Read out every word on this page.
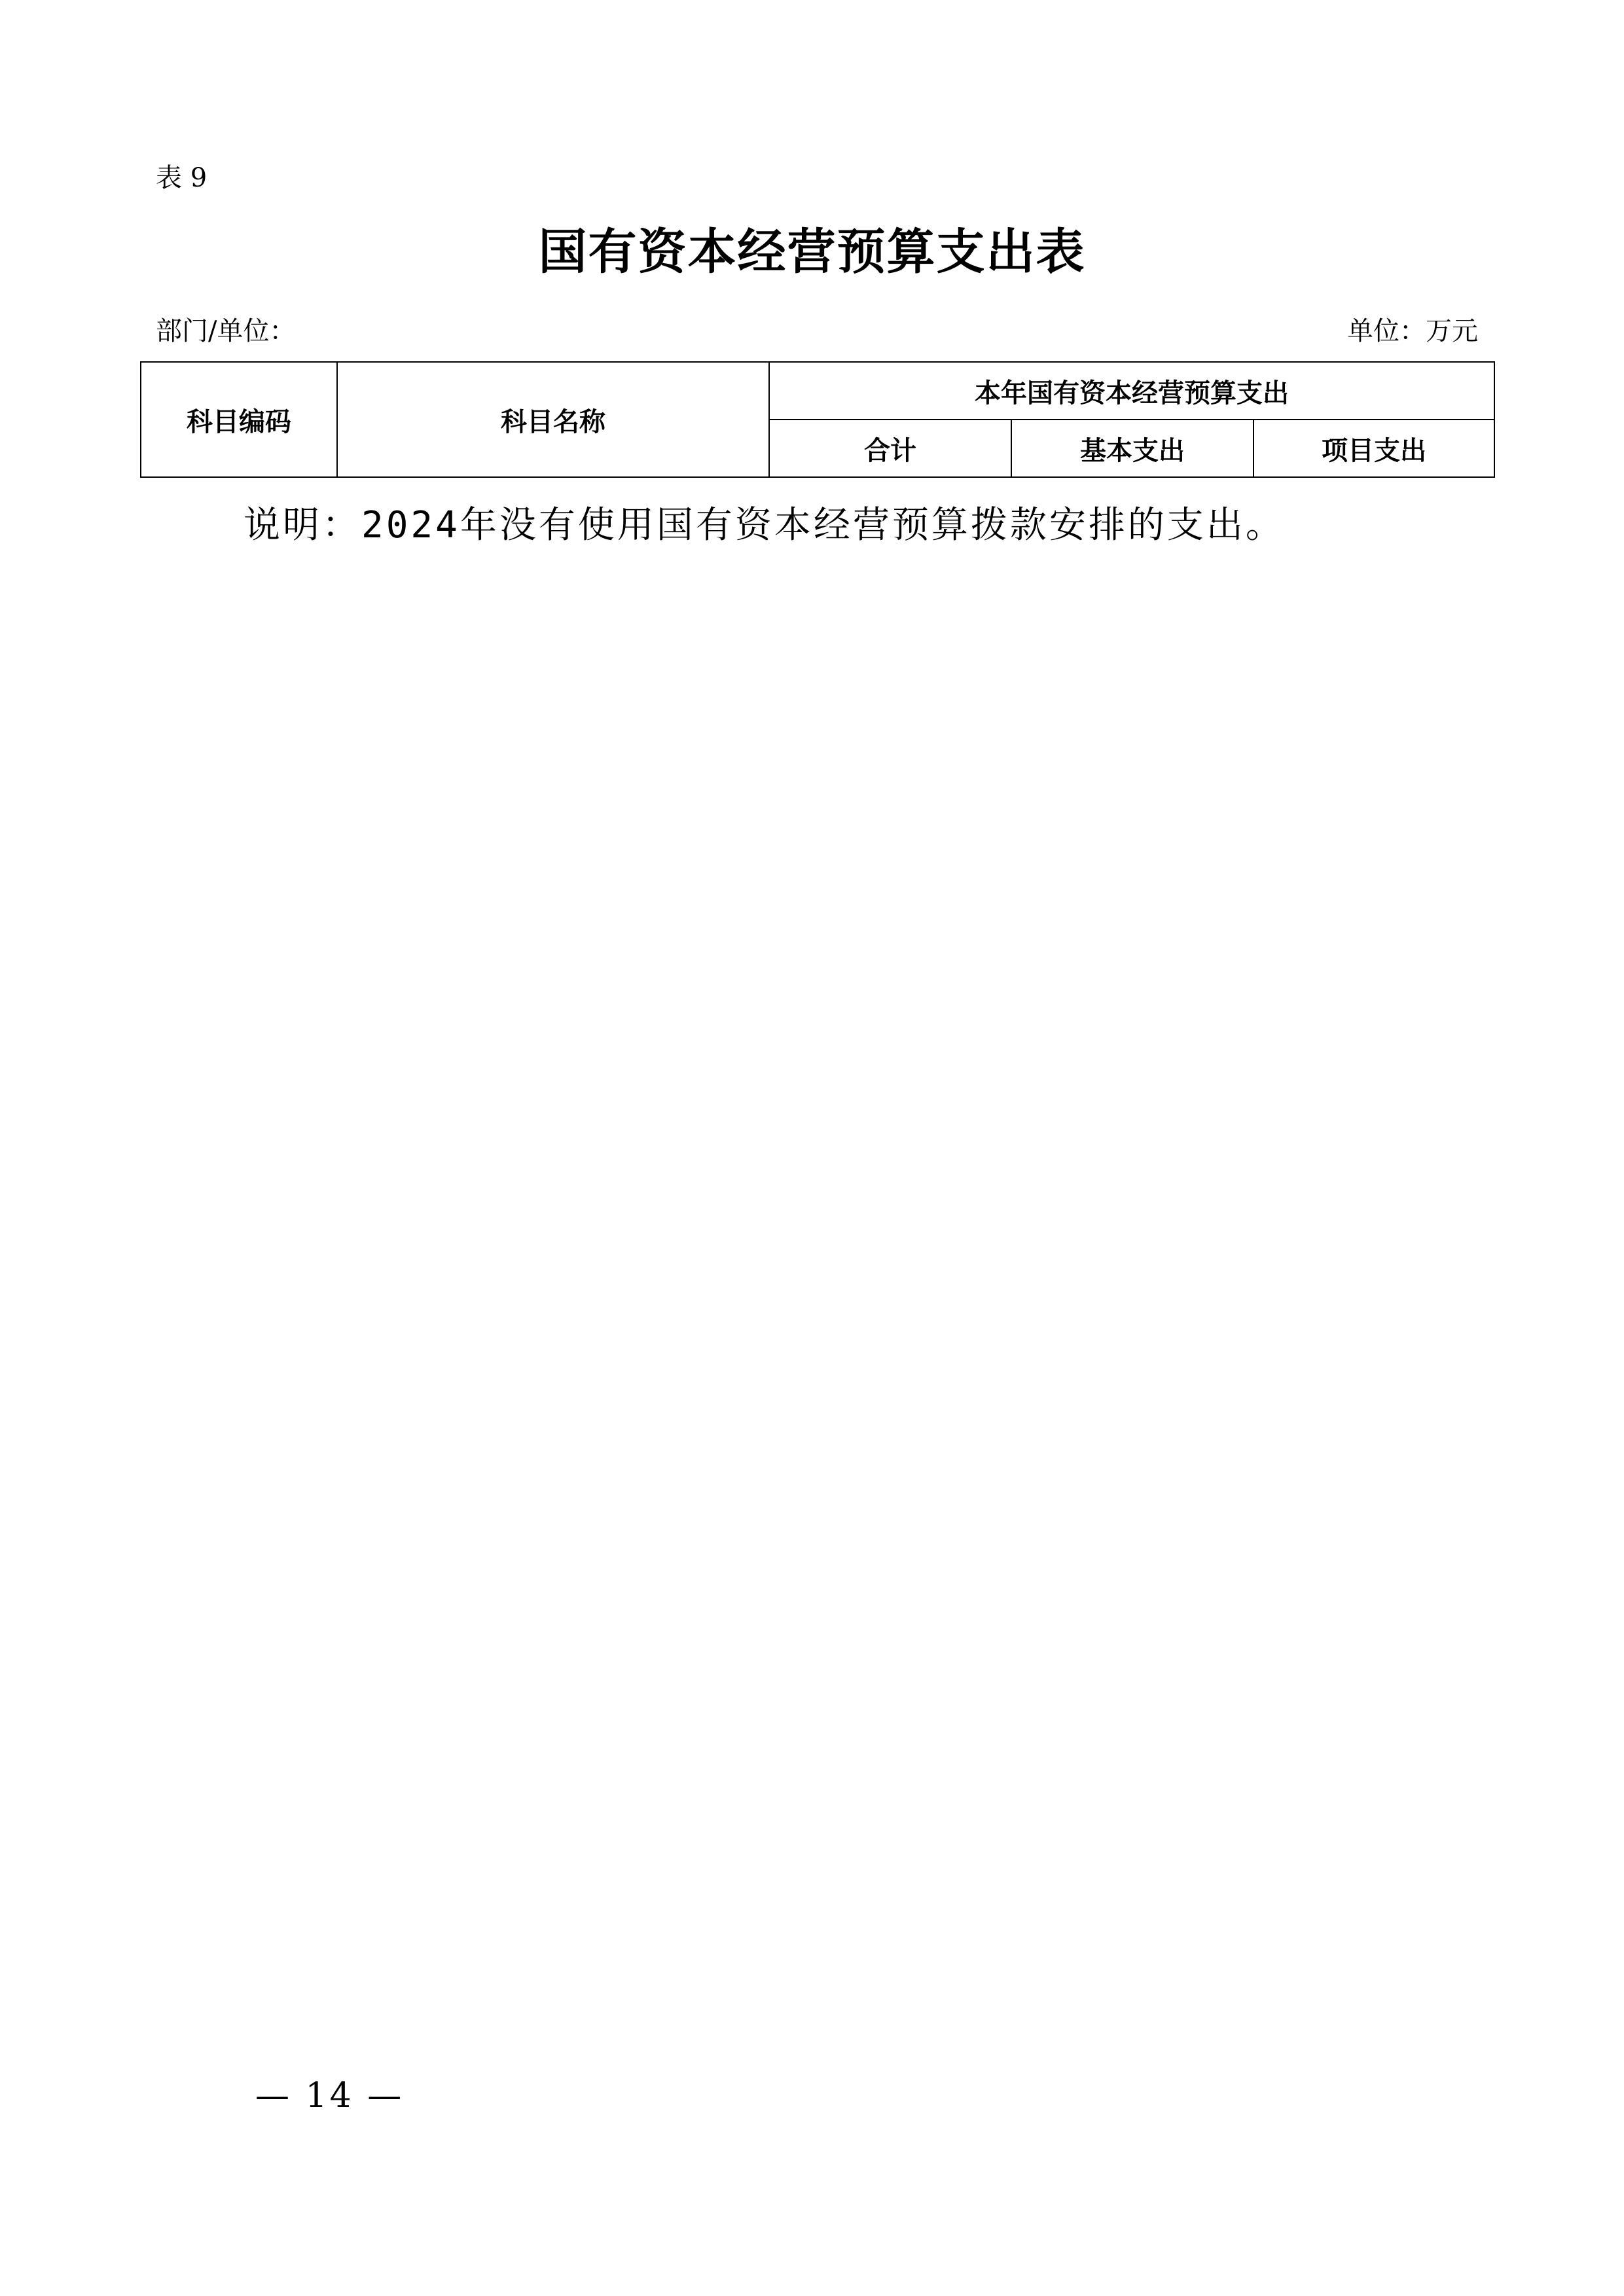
表 9
国有资本经营预算支出表
部门/单位：	单位：万元
科目编码	科目名称	本年国有资本经营预算支出		
		合计	基本支出	项目支出
说明：2024年没有使用国有资本经营预算拨款安排的支出。
— 14 —
